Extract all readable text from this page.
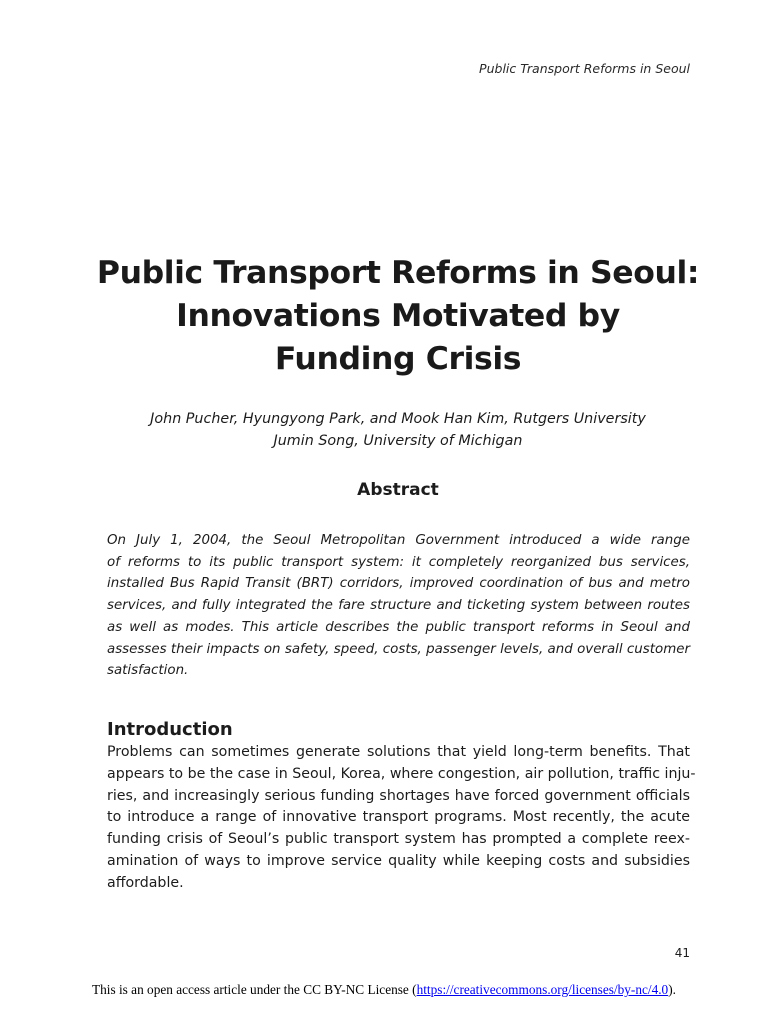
Public Transport Reforms in Seoul
Public Transport Reforms in Seoul:
Innovations Motivated by
Funding Crisis
John Pucher, Hyungyong Park, and Mook Han Kim, Rutgers University
Jumin Song, University of Michigan
Abstract
On July 1, 2004, the Seoul Metropolitan Government introduced a wide range
of reforms to its public transport system: it completely reorganized bus services,
installed Bus Rapid Transit (BRT) corridors, improved coordination of bus and metro
services, and fully integrated the fare structure and ticketing system between routes
as well as modes. This article describes the public transport reforms in Seoul and
assesses their impacts on safety, speed, costs, passenger levels, and overall customer
satisfaction.
Introduction
Problems can sometimes generate solutions that yield long-term benefits. That
appears to be the case in Seoul, Korea, where congestion, air pollution, traffic inju-
ries, and increasingly serious funding shortages have forced government officials
to introduce a range of innovative transport programs. Most recently, the acute
funding crisis of Seoul’s public transport system has prompted a complete reex-
amination of ways to improve service quality while keeping costs and subsidies
affordable.
41
This is an open access article under the CC BY-NC License (https://creativecommons.org/licenses/by-nc/4.0).
